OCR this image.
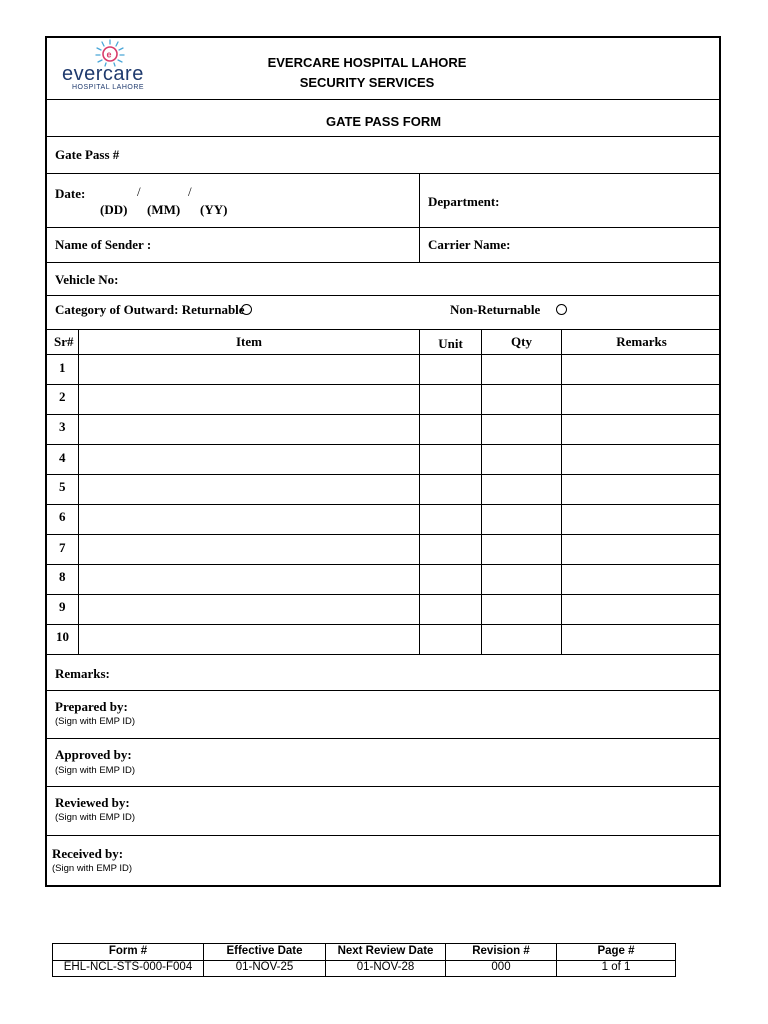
e
evercare
HOSPITAL LAHORE
EVERCARE HOSPITAL LAHORE
SECURITY SERVICES
GATE PASS FORM
Gate Pass #
Date:	/	/
(DD) (MM) (YY)
Department:
Name of Sender :	Carrier Name:
Vehicle No:
Category of Outward: Returnable	Non-Returnable
Sr#	Item	Unit	Qty	Remarks
1
2
3
4
5
6
7
8
9
10
Remarks:
Prepared by:
(Sign with EMP ID)
Approved by:
(Sign with EMP ID)
Reviewed by:
(Sign with EMP ID)
Received by:
(Sign with EMP ID)
Form #	Effective Date	Next Review Date	Revision #	Page #
EHL-NCL-STS-000-F004	01-NOV-25	01-NOV-28	000	1 of 1
